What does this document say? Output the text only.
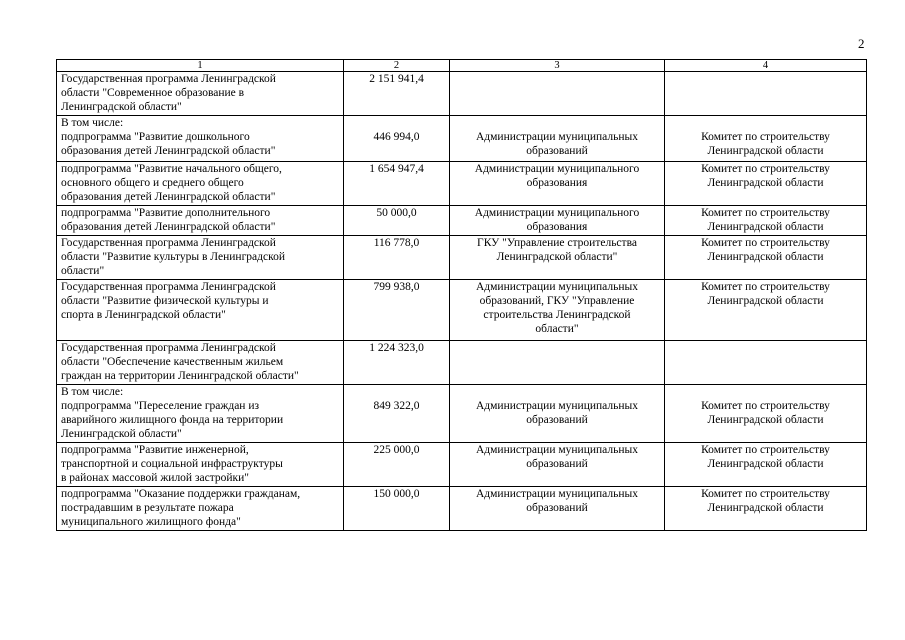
2
1	2	3	4

Государственная программа Ленинградской
области "Современное образование в
Ленинградской области"	2 151 941,4		

В том числе:
подпрограмма "Развитие дошкольного
образования детей Ленинградской области"	446 994,0	Администрации муниципальных
образований	Комитет по строительству
Ленинградской области

подпрограмма "Развитие начального общего,
основного общего и среднего общего
образования детей Ленинградской области"	1 654 947,4	Администрации муниципального
образования	Комитет по строительству
Ленинградской области

подпрограмма "Развитие дополнительного
образования детей Ленинградской области"	50 000,0	Администрации муниципального
образования	Комитет по строительству
Ленинградской области

Государственная программа Ленинградской
области "Развитие культуры в Ленинградской
области"	116 778,0	ГКУ "Управление строительства
Ленинградской области"	Комитет по строительству
Ленинградской области

Государственная программа Ленинградской
области "Развитие физической культуры и
спорта в Ленинградской области"	799 938,0	Администрации муниципальных
образований, ГКУ "Управление
строительства Ленинградской
области"	Комитет по строительству
Ленинградской области

Государственная программа Ленинградской
области "Обеспечение качественным жильем
граждан на территории Ленинградской области"	1 224 323,0		

В том числе:
подпрограмма "Переселение граждан из
аварийного жилищного фонда на территории
Ленинградской области"	849 322,0	Администрации муниципальных
образований	Комитет по строительству
Ленинградской области

подпрограмма "Развитие инженерной,
транспортной и социальной инфраструктуры
в районах массовой жилой застройки"	225 000,0	Администрации муниципальных
образований	Комитет по строительству
Ленинградской области

подпрограмма "Оказание поддержки гражданам,
пострадавшим в результате пожара
муниципального жилищного фонда"	150 000,0	Администрации муниципальных
образований	Комитет по строительству
Ленинградской области
